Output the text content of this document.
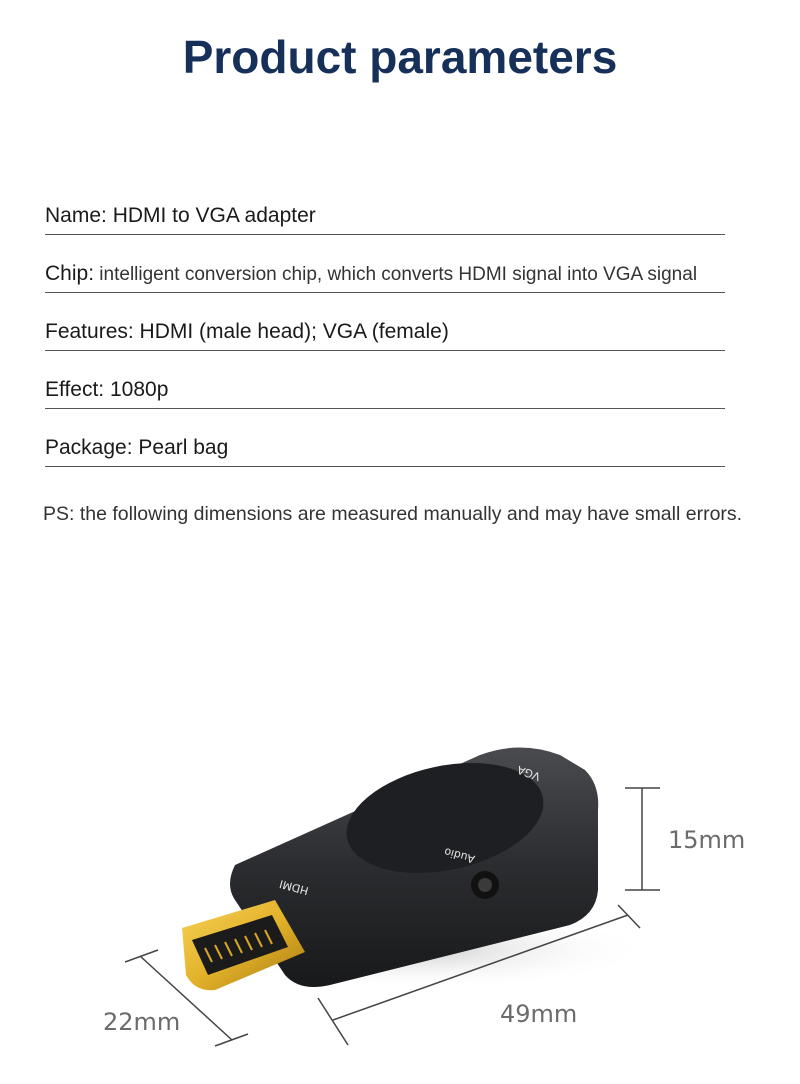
Product parameters
Name: HDMI to VGA adapter
Chip: intelligent conversion chip, which converts HDMI signal into VGA signal
Features: HDMI (male head); VGA (female)
Effect: 1080p
Package: Pearl bag
PS: the following dimensions are measured manually and may have small errors.
HDMI
Audio
VGA
15mm
22mm	49mm
